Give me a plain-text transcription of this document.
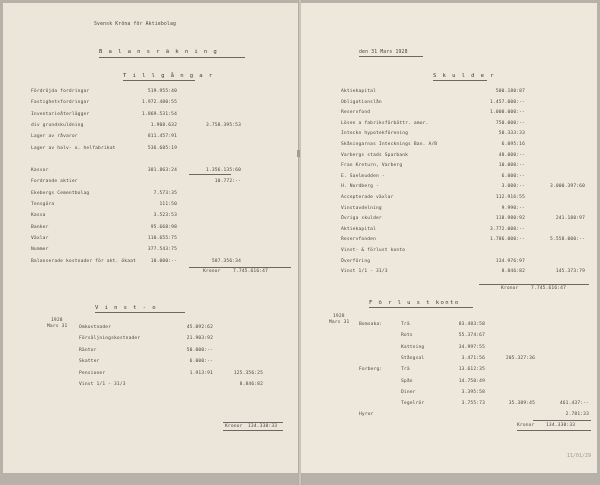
Svensk Kröna för Aktiebolag
B a l a n s r ä k n i n g
T i l l g å n g a r
Fördröjda fordringar	519.955:40
Fastighetsfordringar	1.972.480:55
Inventarieåterlägger	1.869.531:54
div grundskuldning	1.908.632	3.758.395:53
Lager av råvaror	811.457:91
Lager av halv- o. helfabrikat	536.685:19
Kassor	381.863:24	1.356.135:60
Fordrande aktier	10.772:--
Ekebergs Cementbolag	7.573:35
Tensgöra	111:50
Kassa	3.523:53
Banker	95.668:98
Växlar	110.655:75
Nummer	377.543:75
Balanserade kostnader för akt. ökaat	10.000:--	587.356:34
Kronor	7.745.616:47
V i n s t - o
1928
Mars 31	Omkostnader	45.092:62
Försäljningskostnader	21.903:92
Räntor	50.000:--
Skatter	6.000:--
Pensioner	1.913:91	125.356:25
Vinst 1/1 - 31/3	8.846:82
Kronor 134.338:33
den 31 Mars 1928
S k u l d e r
Aktiekapital	500.180:87
Obligationslån	1.457.000:--
Reservfond	1.000.000:--
Lösen a fabriksförbättr. amor.	750.000:--
Inteckn hypotekförening	50.333:33
Skåningarnas Intecknings Ban. A/B	6.095:16
Varbergs stads Sparbank	48.000:--
Fran Kreturn, Varberg	10.000:--
E. Saelmudden -	6.000:--
H. Nordberg -	3.000:--	3.000.397:60
Accepterade växlar	112.916:55
Vinstavdelning	9.990:--
Övriga skulder	118.980:92	241.180:97
Aktiekapital	3.772.000:--
Reservfonden	1.786.000:--	5.558.000:--
Vinst- & förlust konto
Överföring	134.976:97
Vinst 1/1 - 31/3	8.846:82	145.373:79
Kronor	7.745.616:47
F ö r l u s t konto
1928
Mars 31 Bomsaka:	Trä	83.483:58
Rots	55.374:67
Kattning	34.997:55
Stångsal	3.471:56	205.327:36
Forberg:	Trä	13.612:35
Spån	14.750:49
Diner	3.395:58
Tegelrör	3.755:73	35.389:45	461.437:--
Hyror	2.781:33
Kronor	134.338:33
11/01/29
